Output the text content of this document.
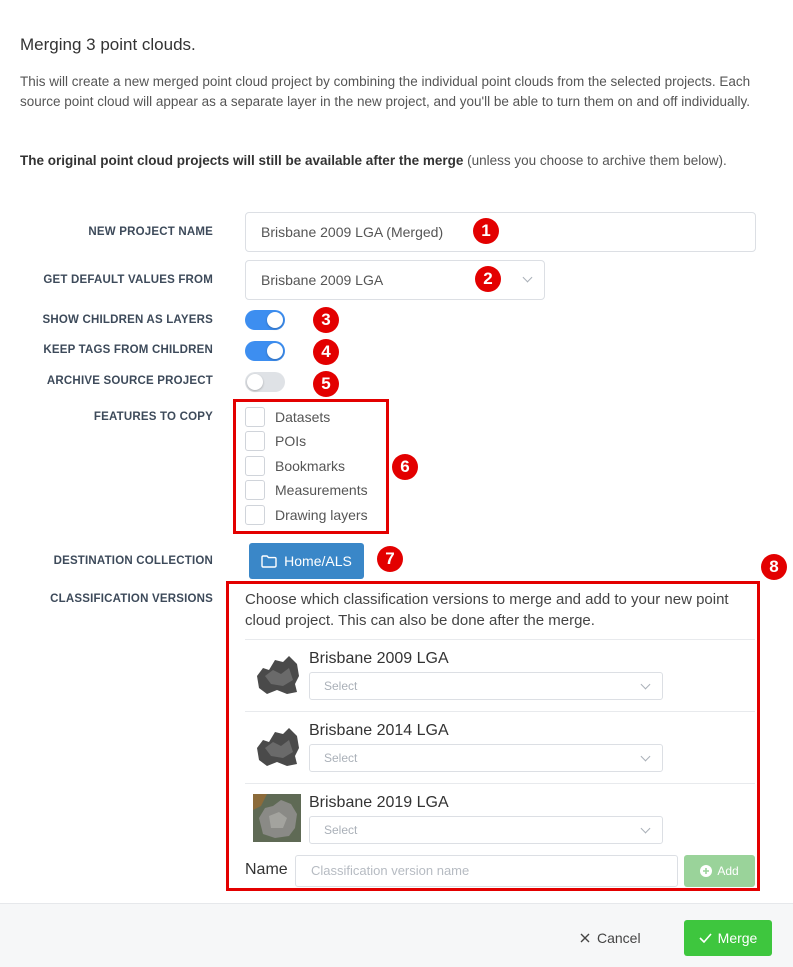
Merging 3 point clouds.
This will create a new merged point cloud project by combining the individual point clouds from the selected projects. Each source point cloud will appear as a separate layer in the new project, and you'll be able to turn them on and off individually.
The original point cloud projects will still be available after the merge (unless you choose to archive them below).
NEW PROJECT NAME	Brisbane 2009 LGA (Merged)	1
GET DEFAULT VALUES FROM	Brisbane 2009 LGA	2
SHOW CHILDREN AS LAYERS	3
KEEP TAGS FROM CHILDREN	4
ARCHIVE SOURCE PROJECT	5
FEATURES TO COPY	Datasets
POIs
Bookmarks
Measurements
Drawing layers
6
DESTINATION COLLECTION	Home/ALS	7
CLASSIFICATION VERSIONS
8
Choose which classification versions to merge and add to your new point cloud project. This can also be done after the merge.
Brisbane 2009 LGA
Select
Brisbane 2014 LGA
Select
Brisbane 2019 LGA
Select
Name	Classification version name	Add
Cancel	Merge
